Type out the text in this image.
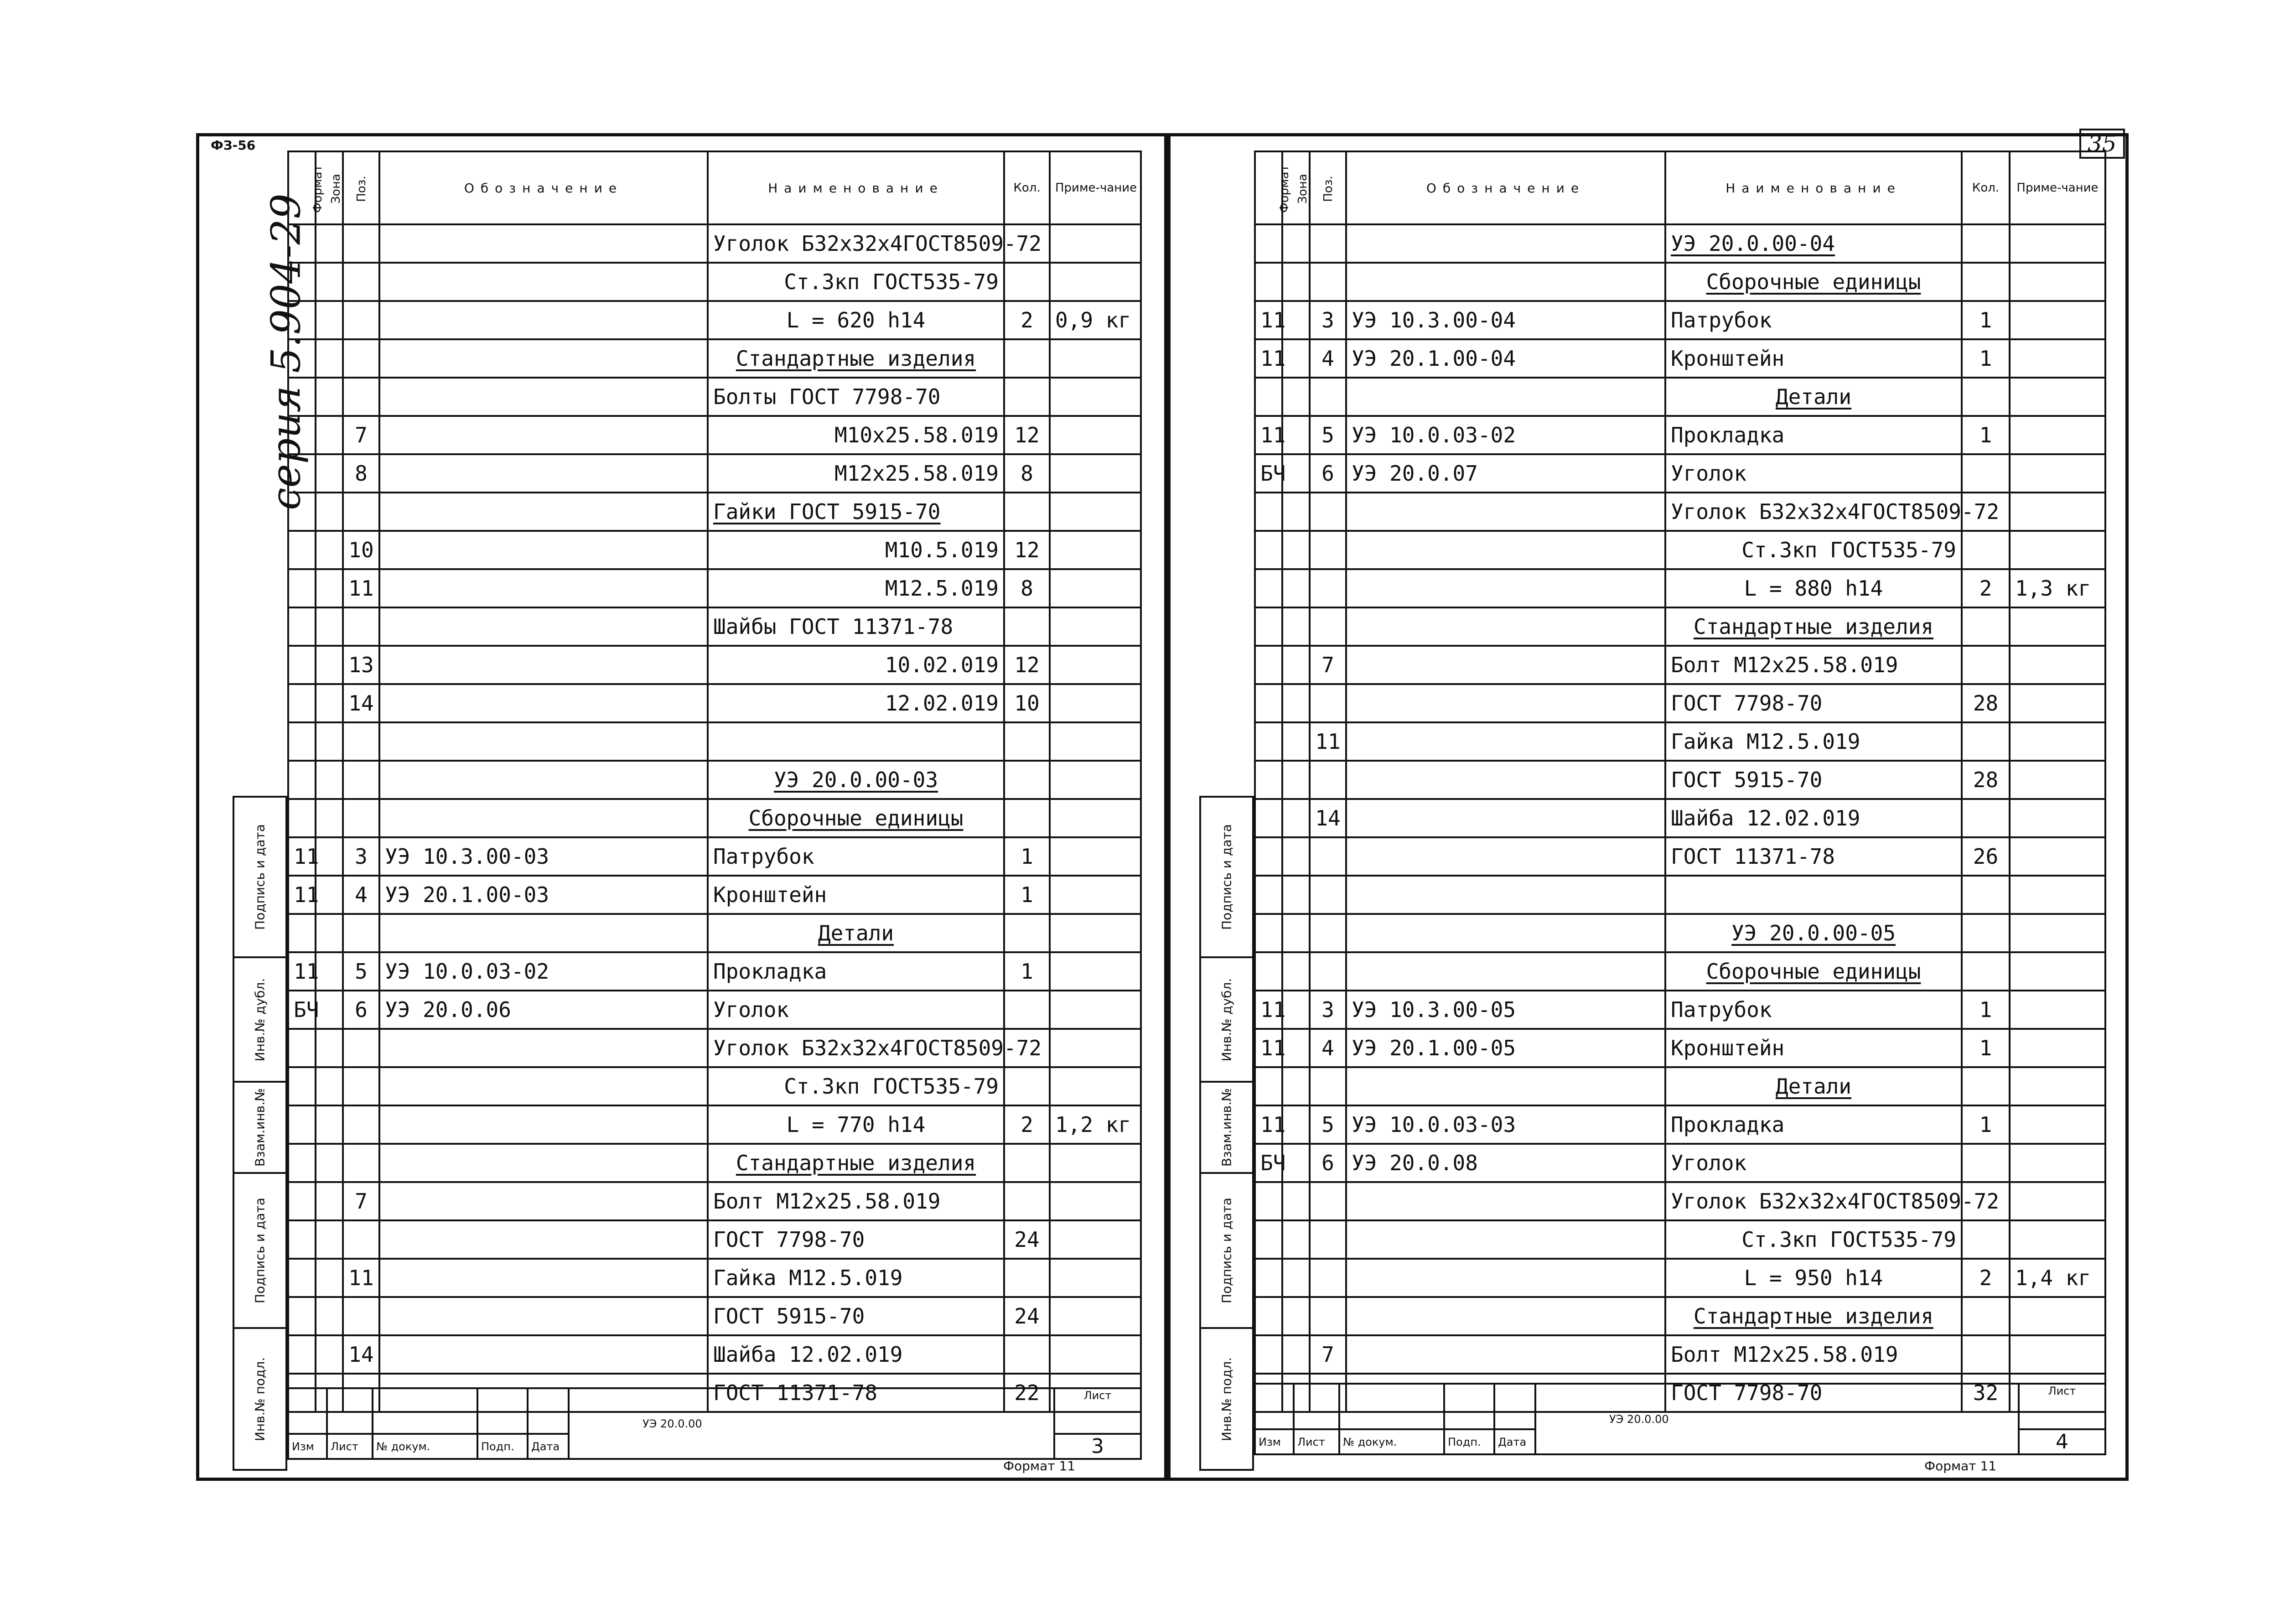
ФЗ-56	35
серия 5.904-29
Подпись и дата
Инв.№ дубл.
Взам.инв.№
Подпись и дата
Инв.№ подл.
Подпись и дата
Инв.№ дубл.
Взам.инв.№
Подпись и дата
Инв.№ подл.
Формат	Зона	Поз.	Обозначение	Наименование	Кол.	Приме-чание
				Уголок Б32х32х4ГОСТ8509-72		
				Ст.3кп ГОСТ535-79		
				L = 620 h14	2	0,9 кг
				Стандартные изделия		
				Болты ГОСТ 7798-70		
		7		М10х25.58.019	12	
		8		М12х25.58.019	8	
				Гайки ГОСТ 5915-70		
		10		М10.5.019	12	
		11		М12.5.019	8	
				Шайбы ГОСТ 11371-78		
		13		10.02.019	12	
		14		12.02.019	10	

				УЭ 20.0.00-03		
				Сборочные единицы		
11		3	УЭ 10.3.00-03	Патрубок	1	
11		4	УЭ 20.1.00-03	Кронштейн	1	
				Детали		
11		5	УЭ 10.0.03-02	Прокладка	1	
БЧ		6	УЭ 20.0.06	Уголок		
				Уголок Б32х32х4ГОСТ8509-72		
				Ст.3кп ГОСТ535-79		
				L = 770 h14	2	1,2 кг
				Стандартные изделия		
		7		Болт М12х25.58.019		
				ГОСТ 7798-70	24	
		11		Гайка М12.5.019		
				ГОСТ 5915-70	24	
		14		Шайба 12.02.019		
				ГОСТ 11371-78	22	
Формат	Зона	Поз.	Обозначение	Наименование	Кол.	Приме-чание
				УЭ 20.0.00-04		
				Сборочные единицы		
11		3	УЭ 10.3.00-04	Патрубок	1	
11		4	УЭ 20.1.00-04	Кронштейн	1	
				Детали		
11		5	УЭ 10.0.03-02	Прокладка	1	
БЧ		6	УЭ 20.0.07	Уголок		
				Уголок Б32х32х4ГОСТ8509-72		
				Ст.3кп ГОСТ535-79		
				L = 880 h14	2	1,3 кг
				Стандартные изделия		
		7		Болт М12х25.58.019		
				ГОСТ 7798-70	28	
		11		Гайка М12.5.019		
				ГОСТ 5915-70	28	
		14		Шайба 12.02.019		
				ГОСТ 11371-78	26	

				УЭ 20.0.00-05		
				Сборочные единицы		
11		3	УЭ 10.3.00-05	Патрубок	1	
11		4	УЭ 20.1.00-05	Кронштейн	1	
				Детали		
11		5	УЭ 10.0.03-03	Прокладка	1	
БЧ		6	УЭ 20.0.08	Уголок		
				Уголок Б32х32х4ГОСТ8509-72		
				Ст.3кп ГОСТ535-79		
				L = 950 h14	2	1,4 кг
				Стандартные изделия		
		7		Болт М12х25.58.019		
				ГОСТ 7798-70	32	
					УЭ 20.0.00	Лист
Изм	Лист	№ докум.	Подп.	Дата		3
Формат 11
					УЭ 20.0.00	Лист
Изм	Лист	№ докум.	Подп.	Дата		4
Формат 11
